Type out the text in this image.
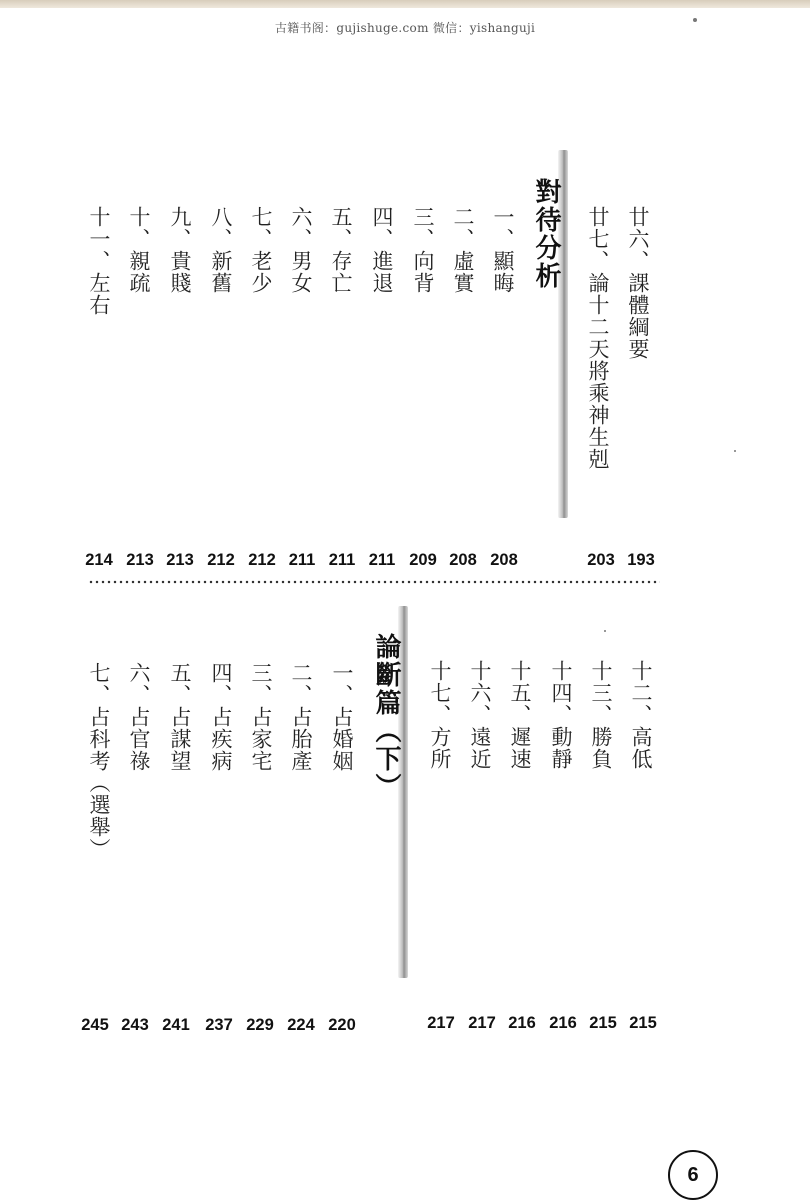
古籍书阁：gujishuge.com 微信：yishanguji
廿六、課體綱要
廿七、論十二天將乘神生剋
對待分析
一、顯晦
二、虛實
三、向背
四、進退
五、存亡
六、男女
七、老少
八、新舊
九、貴賤
十、親疏
十一、左右
193
203
208
208
209
211
211
211
212
212
213
213
214
十二、高低
十三、勝負
十四、動靜
十五、遲速
十六、遠近
十七、方所
論斷篇（下）
一、占婚姻
二、占胎產
三、占家宅
四、占疾病
五、占謀望
六、占官祿
七、占科考（選舉）
215
215
216
216
217
217
220
224
229
237
241
243
245
6
